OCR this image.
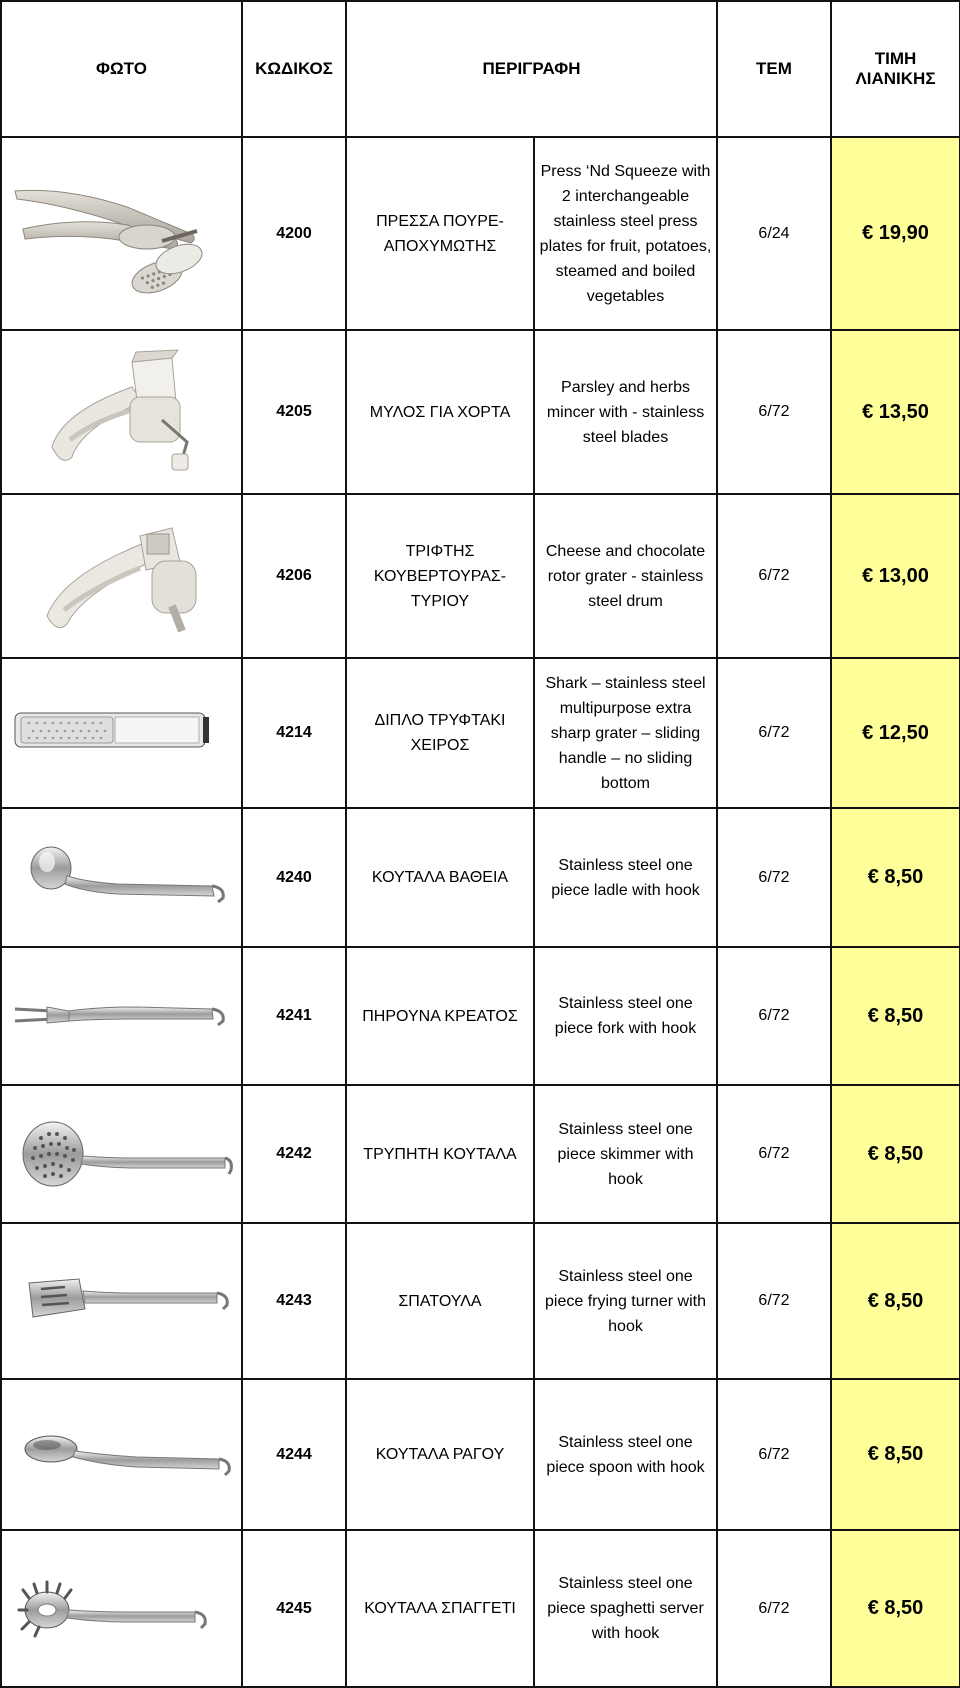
ΦΩΤΟ	ΚΩΔΙΚΟΣ	ΠΕΡΙΓΡΑΦΗ		ΤΕΜ	ΤΙΜΗ
ΛΙΑΝΙΚΗΣ

	4200	ΠΡΕΣΣΑ ΠΟΥΡΕ-ΑΠΟΧΥΜΩΤΗΣ	Press ‘Nd Squeeze with 2 interchangeable stainless steel press plates for fruit, potatoes, steamed and boiled vegetables	6/24	€ 19,90

	4205	ΜΥΛΟΣ ΓΙΑ ΧΟΡΤΑ	Parsley and herbs mincer with - stainless steel blades	6/72	€ 13,50

	4206	ΤΡΙΦΤΗΣ ΚΟΥΒΕΡΤΟΥΡΑΣ-ΤΥΡΙΟΥ	Cheese and chocolate rotor grater - stainless steel drum	6/72	€ 13,00

	4214	ΔΙΠΛΟ ΤΡΥΦΤΑΚΙ ΧΕΙΡΟΣ	Shark – stainless steel multipurpose extra sharp grater – sliding handle – no sliding bottom	6/72	€ 12,50

	4240	ΚΟΥΤΑΛΑ ΒΑΘΕΙΑ	Stainless steel one piece ladle with hook	6/72	€ 8,50

	4241	ΠΗΡΟΥΝΑ ΚΡΕΑΤΟΣ	Stainless steel one piece fork with hook	6/72	€ 8,50

	4242	ΤΡΥΠΗΤΗ ΚΟΥΤΑΛΑ	Stainless steel one piece skimmer with hook	6/72	€ 8,50

	4243	ΣΠΑΤΟΥΛΑ	Stainless steel one piece frying turner with hook	6/72	€ 8,50

	4244	ΚΟΥΤΑΛΑ ΡΑΓΟΥ	Stainless steel one piece spoon with hook	6/72	€ 8,50

	4245	ΚΟΥΤΑΛΑ ΣΠΑΓΓΕΤΙ	Stainless steel one piece spaghetti server with hook	6/72	€ 8,50
